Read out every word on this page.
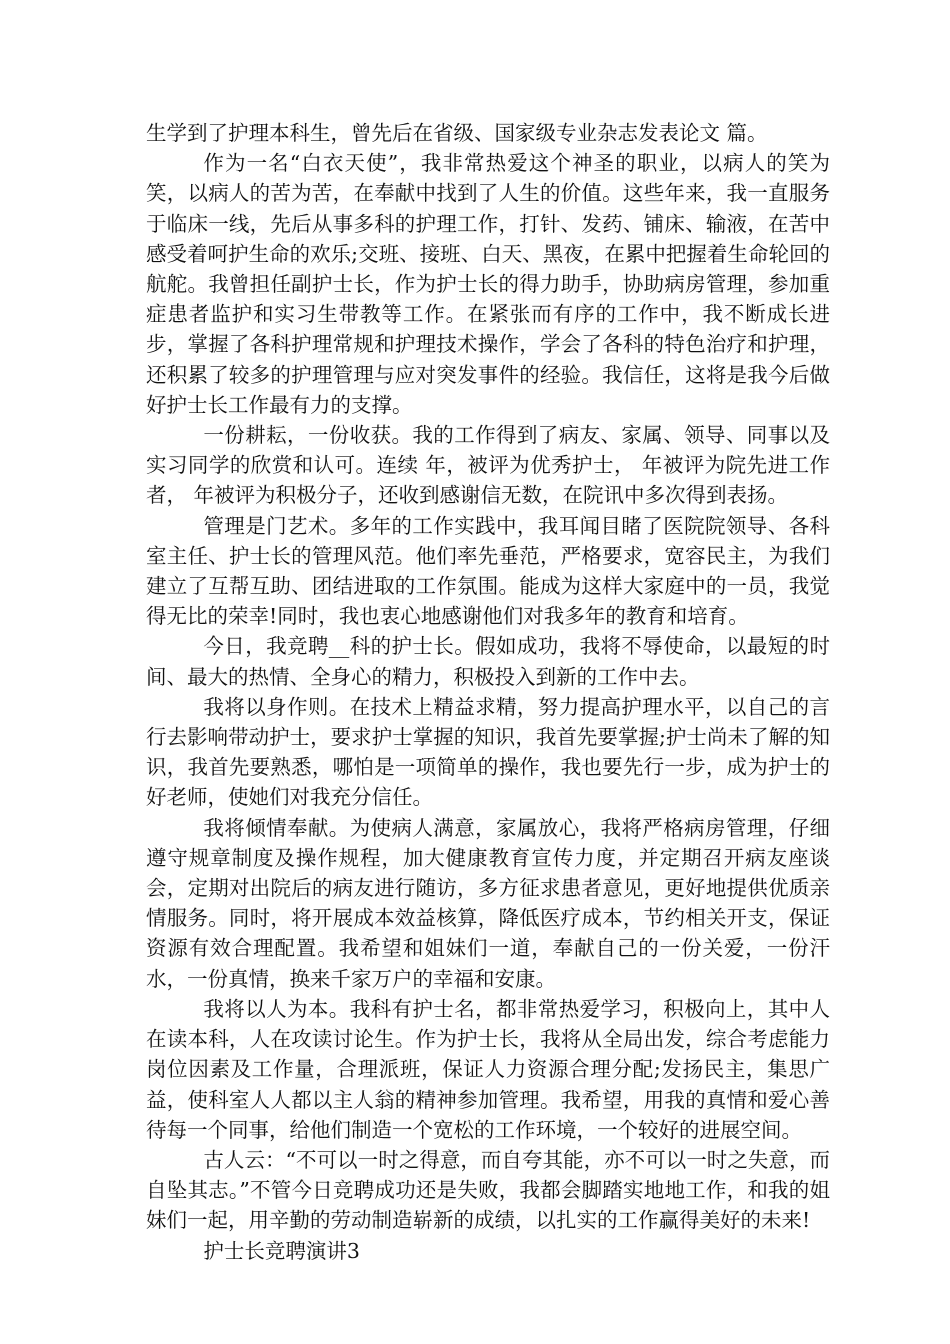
生学到了护理本科生，曾先后在省级、国家级专业杂志发表论文 篇。

作为一名“白衣天使”，我非常热爱这个神圣的职业，以病人的笑为笑，以病人的苦为苦，在奉献中找到了人生的价值。这些年来，我一直服务于临床一线，先后从事多科的护理工作，打针、发药、铺床、输液，在苦中感受着呵护生命的欢乐;交班、接班、白天、黑夜，在累中把握着生命轮回的航舵。我曾担任副护士长，作为护士长的得力助手，协助病房管理，参加重症患者监护和实习生带教等工作。在紧张而有序的工作中，我不断成长进步，掌握了各科护理常规和护理技术操作，学会了各科的特色治疗和护理，还积累了较多的护理管理与应对突发事件的经验。我信任，这将是我今后做好护士长工作最有力的支撑。

一份耕耘，一份收获。我的工作得到了病友、家属、领导、同事以及实习同学的欣赏和认可。连续 年，被评为优秀护士， 年被评为院先进工作者， 年被评为积极分子，还收到感谢信无数，在院讯中多次得到表扬。

管理是门艺术。多年的工作实践中，我耳闻目睹了医院院领导、各科室主任、护士长的管理风范。他们率先垂范，严格要求，宽容民主，为我们建立了互帮互助、团结进取的工作氛围。能成为这样大家庭中的一员，我觉得无比的荣幸!同时，我也衷心地感谢他们对我多年的教育和培育。

今日，我竞聘__科的护士长。假如成功，我将不辱使命，以最短的时间、最大的热情、全身心的精力，积极投入到新的工作中去。

我将以身作则。在技术上精益求精，努力提高护理水平，以自己的言行去影响带动护士，要求护士掌握的知识，我首先要掌握;护士尚未了解的知识，我首先要熟悉，哪怕是一项简单的操作，我也要先行一步，成为护士的好老师，使她们对我充分信任。

我将倾情奉献。为使病人满意，家属放心，我将严格病房管理，仔细遵守规章制度及操作规程，加大健康教育宣传力度，并定期召开病友座谈会，定期对出院后的病友进行随访，多方征求患者意见，更好地提供优质亲情服务。同时，将开展成本效益核算，降低医疗成本，节约相关开支，保证资源有效合理配置。我希望和姐妹们一道，奉献自己的一份关爱，一份汗水，一份真情，换来千家万户的幸福和安康。

我将以人为本。我科有护士名，都非常热爱学习，积极向上，其中人在读本科，人在攻读讨论生。作为护士长，我将从全局出发，综合考虑能力岗位因素及工作量，合理派班，保证人力资源合理分配;发扬民主，集思广益，使科室人人都以主人翁的精神参加管理。我希望，用我的真情和爱心善待每一个同事，给他们制造一个宽松的工作环境，一个较好的进展空间。

古人云：“不可以一时之得意，而自夸其能，亦不可以一时之失意，而自坠其志。”不管今日竞聘成功还是失败，我都会脚踏实地地工作，和我的姐妹们一起，用辛勤的劳动制造崭新的成绩，以扎实的工作赢得美好的未来!

护士长竞聘演讲3
